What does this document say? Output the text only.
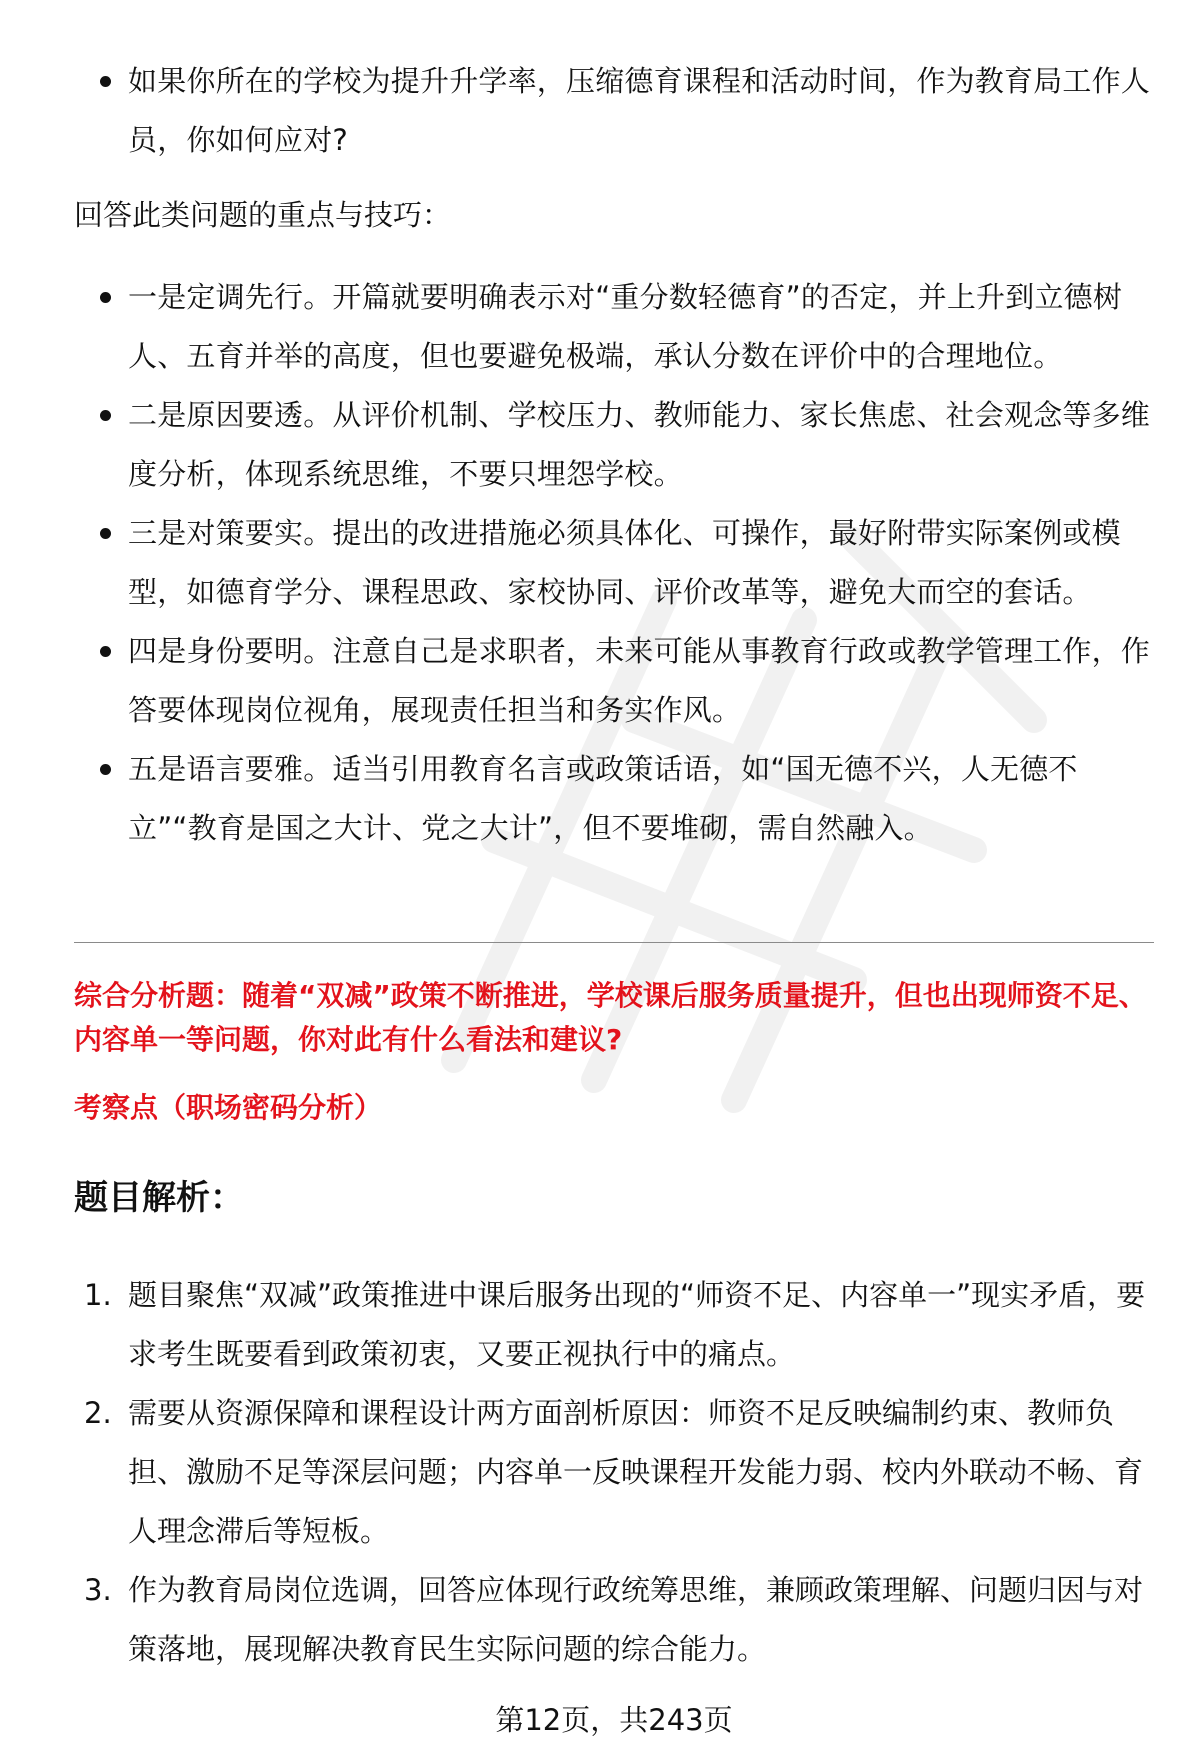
如果你所在的学校为提升升学率，压缩德育课程和活动时间，作为教育局工作人员，你如何应对?
回答此类问题的重点与技巧：
一是定调先行。开篇就要明确表示对“重分数轻德育”的否定，并上升到立德树人、五育并举的高度，但也要避免极端，承认分数在评价中的合理地位。
二是原因要透。从评价机制、学校压力、教师能力、家长焦虑、社会观念等多维度分析，体现系统思维，不要只埋怨学校。
三是对策要实。提出的改进措施必须具体化、可操作，最好附带实际案例或模型，如德育学分、课程思政、家校协同、评价改革等，避免大而空的套话。
四是身份要明。注意自己是求职者，未来可能从事教育行政或教学管理工作，作答要体现岗位视角，展现责任担当和务实作风。
五是语言要雅。适当引用教育名言或政策话语，如“国无德不兴，人无德不立”“教育是国之大计、党之大计”，但不要堆砌，需自然融入。
综合分析题：随着“双减”政策不断推进，学校课后服务质量提升，但也出现师资不足、内容单一等问题，你对此有什么看法和建议?
考察点（职场密码分析）
题目解析：
1. 题目聚焦“双减”政策推进中课后服务出现的“师资不足、内容单一”现实矛盾，要求考生既要看到政策初衷，又要正视执行中的痛点。
2. 需要从资源保障和课程设计两方面剖析原因：师资不足反映编制约束、教师负担、激励不足等深层问题；内容单一反映课程开发能力弱、校内外联动不畅、育人理念滞后等短板。
3. 作为教育局岗位选调，回答应体现行政统筹思维，兼顾政策理解、问题归因与对策落地，展现解决教育民生实际问题的综合能力。
第12页，共243页
